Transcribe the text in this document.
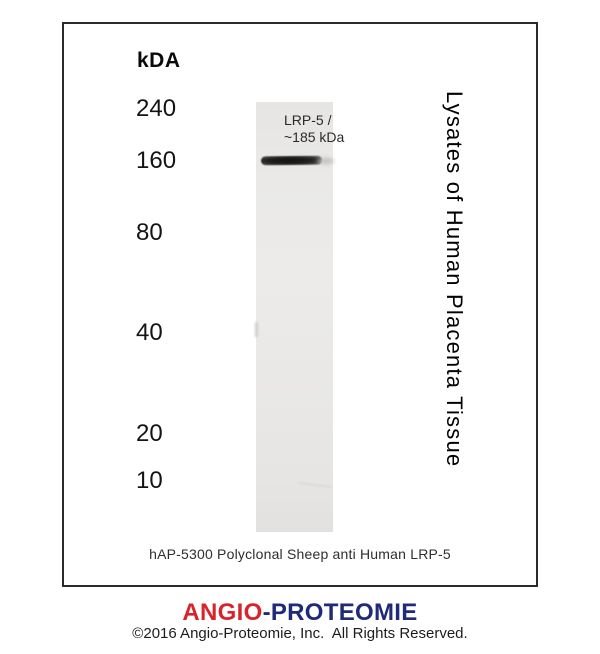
kDA
240
160
80
40
20
10
LRP-5 /
~185 kDa	Lysates of Human Placenta Tissue
hAP-5300 Polyclonal Sheep anti Human LRP-5
ANGIO-PROTEOMIE
©2016 Angio-Proteomie, Inc.  All Rights Reserved.
